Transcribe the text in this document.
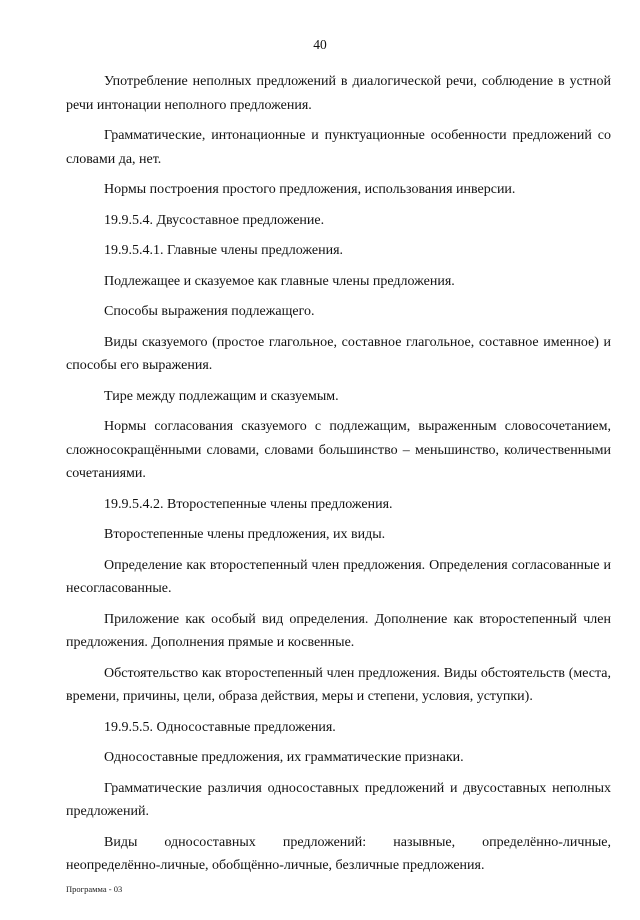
40

Употребление неполных предложений в диалогической речи, соблюдение в устной речи интонации неполного предложения.

Грамматические, интонационные и пунктуационные особенности предложений со словами да, нет.

Нормы построения простого предложения, использования инверсии.

19.9.5.4. Двусоставное предложение.

19.9.5.4.1. Главные члены предложения.

Подлежащее и сказуемое как главные члены предложения.

Способы выражения подлежащего.

Виды сказуемого (простое глагольное, составное глагольное, составное именное) и способы его выражения.

Тире между подлежащим и сказуемым.

Нормы согласования сказуемого с подлежащим, выраженным словосочетанием, сложносокращёнными словами, словами большинство – меньшинство, количественными сочетаниями.

19.9.5.4.2. Второстепенные члены предложения.

Второстепенные члены предложения, их виды.

Определение как второстепенный член предложения. Определения согласованные и несогласованные.

Приложение как особый вид определения. Дополнение как второстепенный член предложения. Дополнения прямые и косвенные.

Обстоятельство как второстепенный член предложения. Виды обстоятельств (места, времени, причины, цели, образа действия, меры и степени, условия, уступки).

19.9.5.5. Односоставные предложения.

Односоставные предложения, их грамматические признаки.

Грамматические различия односоставных предложений и двусоставных неполных предложений.

Виды односоставных предложений: назывные, определённо-личные, неопределённо-личные, обобщённо-личные, безличные предложения.

Программа - 03
